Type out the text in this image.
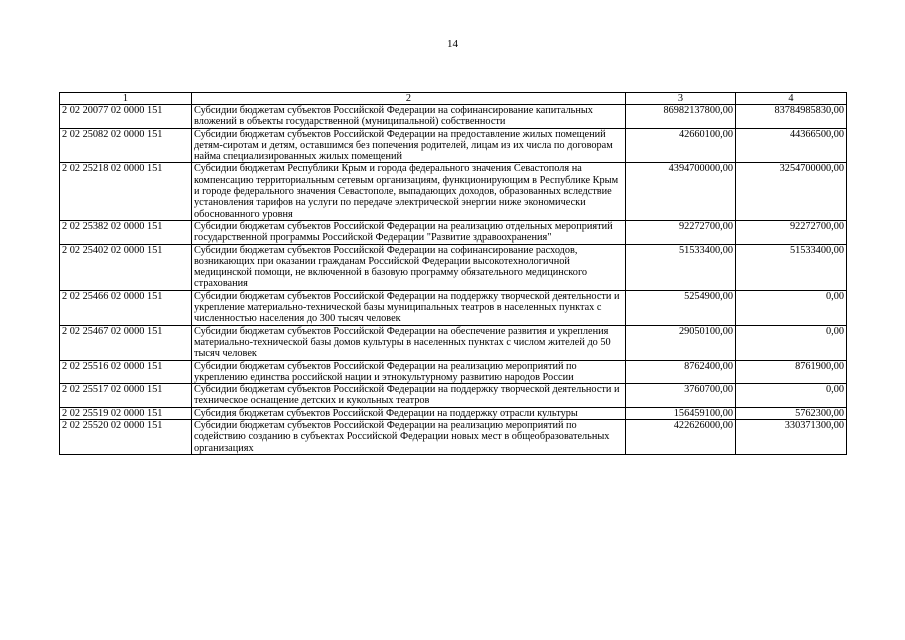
14
1	2	3	4
2 02 20077 02 0000 151	Субсидии бюджетам субъектов Российской Федерации на софинансирование капитальных вложений в объекты государственной (муниципальной) собственности	86982137800,00	83784985830,00
2 02 25082 02 0000 151	Субсидии бюджетам субъектов Российской Федерации на предоставление жилых помещений детям-сиротам и детям, оставшимся без попечения родителей, лицам из их числа по договорам найма специализированных жилых помещений	42660100,00	44366500,00
2 02 25218 02 0000 151	Субсидии бюджетам Республики Крым и города федерального значения Севастополя на компенсацию территориальным сетевым организациям, функционирующим в Республике Крым и городе федерального значения Севастополе, выпадающих доходов, образованных вследствие установления тарифов на услуги по передаче электрической энергии ниже экономически обоснованного уровня	4394700000,00	3254700000,00
2 02 25382 02 0000 151	Субсидии бюджетам субъектов Российской Федерации на реализацию отдельных мероприятий государственной программы Российской Федерации "Развитие здравоохранения"	92272700,00	92272700,00
2 02 25402 02 0000 151	Субсидии бюджетам субъектов Российской Федерации на софинансирование расходов, возникающих при оказании гражданам Российской Федерации высокотехнологичной медицинской помощи, не включенной в базовую программу обязательного медицинского страхования	51533400,00	51533400,00
2 02 25466 02 0000 151	Субсидии бюджетам субъектов Российской Федерации на поддержку творческой деятельности и укрепление материально-технической базы муниципальных театров в населенных пунктах с численностью населения до 300 тысяч человек	5254900,00	0,00
2 02 25467 02 0000 151	Субсидии бюджетам субъектов Российской Федерации на обеспечение развития и укрепления материально-технической базы домов культуры в населенных пунктах с числом жителей до 50 тысяч человек	29050100,00	0,00
2 02 25516 02 0000 151	Субсидии бюджетам субъектов Российской Федерации на реализацию мероприятий по укреплению единства российской нации и этнокультурному развитию народов России	8762400,00	8761900,00
2 02 25517 02 0000 151	Субсидии бюджетам субъектов Российской Федерации на поддержку творческой деятельности и техническое оснащение детских и кукольных театров	3760700,00	0,00
2 02 25519 02 0000 151	Субсидия бюджетам субъектов Российской Федерации на поддержку отрасли культуры	156459100,00	5762300,00
2 02 25520 02 0000 151	Субсидии бюджетам субъектов Российской Федерации на реализацию мероприятий по содействию созданию в субъектах Российской Федерации новых мест в общеобразовательных организациях	422626000,00	330371300,00
